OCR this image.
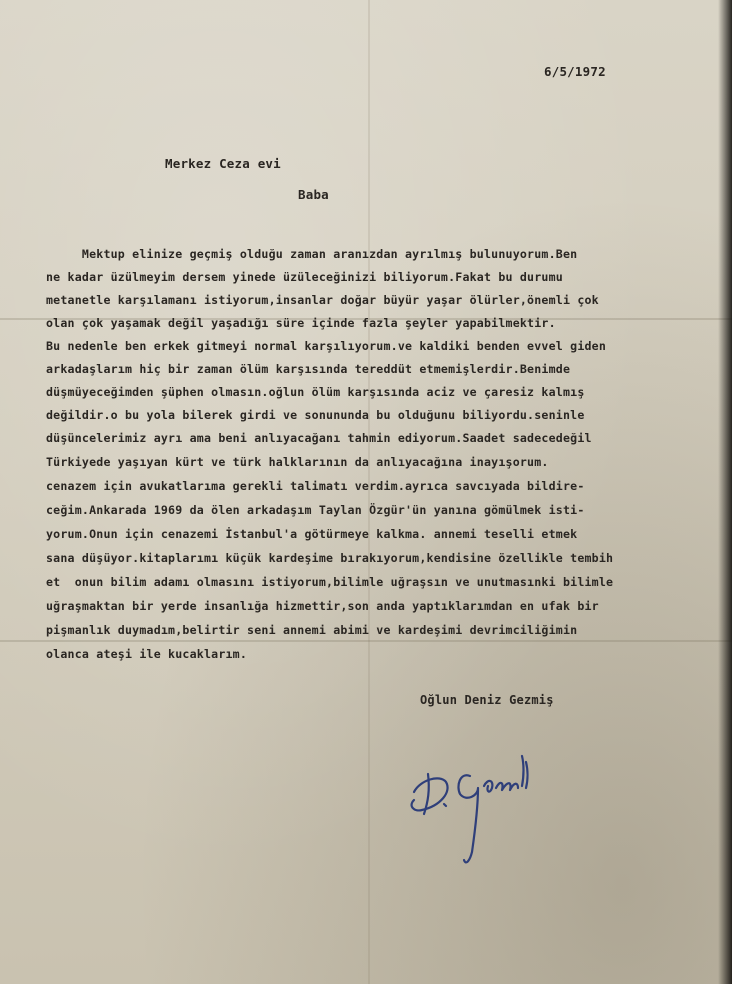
6/5/1972
Merkez Ceza evi
Baba
Mektup elinize geçmiş olduğu zaman aranızdan ayrılmış bulunuyorum.Ben
ne kadar üzülmeyim dersem yinede üzüleceğinizi biliyorum.Fakat bu durumu
metanetle karşılamanı istiyorum,insanlar doğar büyür yaşar ölürler,önemli çok
olan çok yaşamak değil yaşadığı süre içinde fazla şeyler yapabilmektir.
Bu nedenle ben erkek gitmeyi normal karşılıyorum.ve kaldiki benden evvel giden
arkadaşlarım hiç bir zaman ölüm karşısında tereddüt etmemişlerdir.Benimde
düşmüyeceğimden şüphen olmasın.oğlun ölüm karşısında aciz ve çaresiz kalmış
değildir.o bu yola bilerek girdi ve sonunundа bu olduğunu biliyordu.seninle
düşüncelerimiz ayrı ama beni anlıyacağanı tahmin ediyorum.Saadet sadecedeğil
Türkiyede yaşıyan kürt ve türk halklarının da anlıyacağına inayışorum.
cenazem için avukatlarıma gerekli talimatı verdim.ayrıca savcıyada bildire-
ceğim.Ankarada 1969 da ölen arkadaşım Taylan Özgür'ün yanına gömülmek isti-
yorum.Onun için cenazemi İstanbul'a götürmeye kalkma. annemi teselli etmek
sana düşüyor.kitaplarımı küçük kardeşime bırakıyorum,kendisine özellikle tembih
et  onun bilim adamı olmasını istiyorum,bilimle uğraşsın ve unutmasınki bilimle
uğraşmaktan bir yerde insanlığa hizmettir,son anda yaptıklarımdan en ufak bir
pişmanlık duymadım,belirtir seni annemi abimi ve kardeşimi devrimciliğimin
olanca ateşi ile kucaklarım.
Oğlun Deniz Gezmiş
